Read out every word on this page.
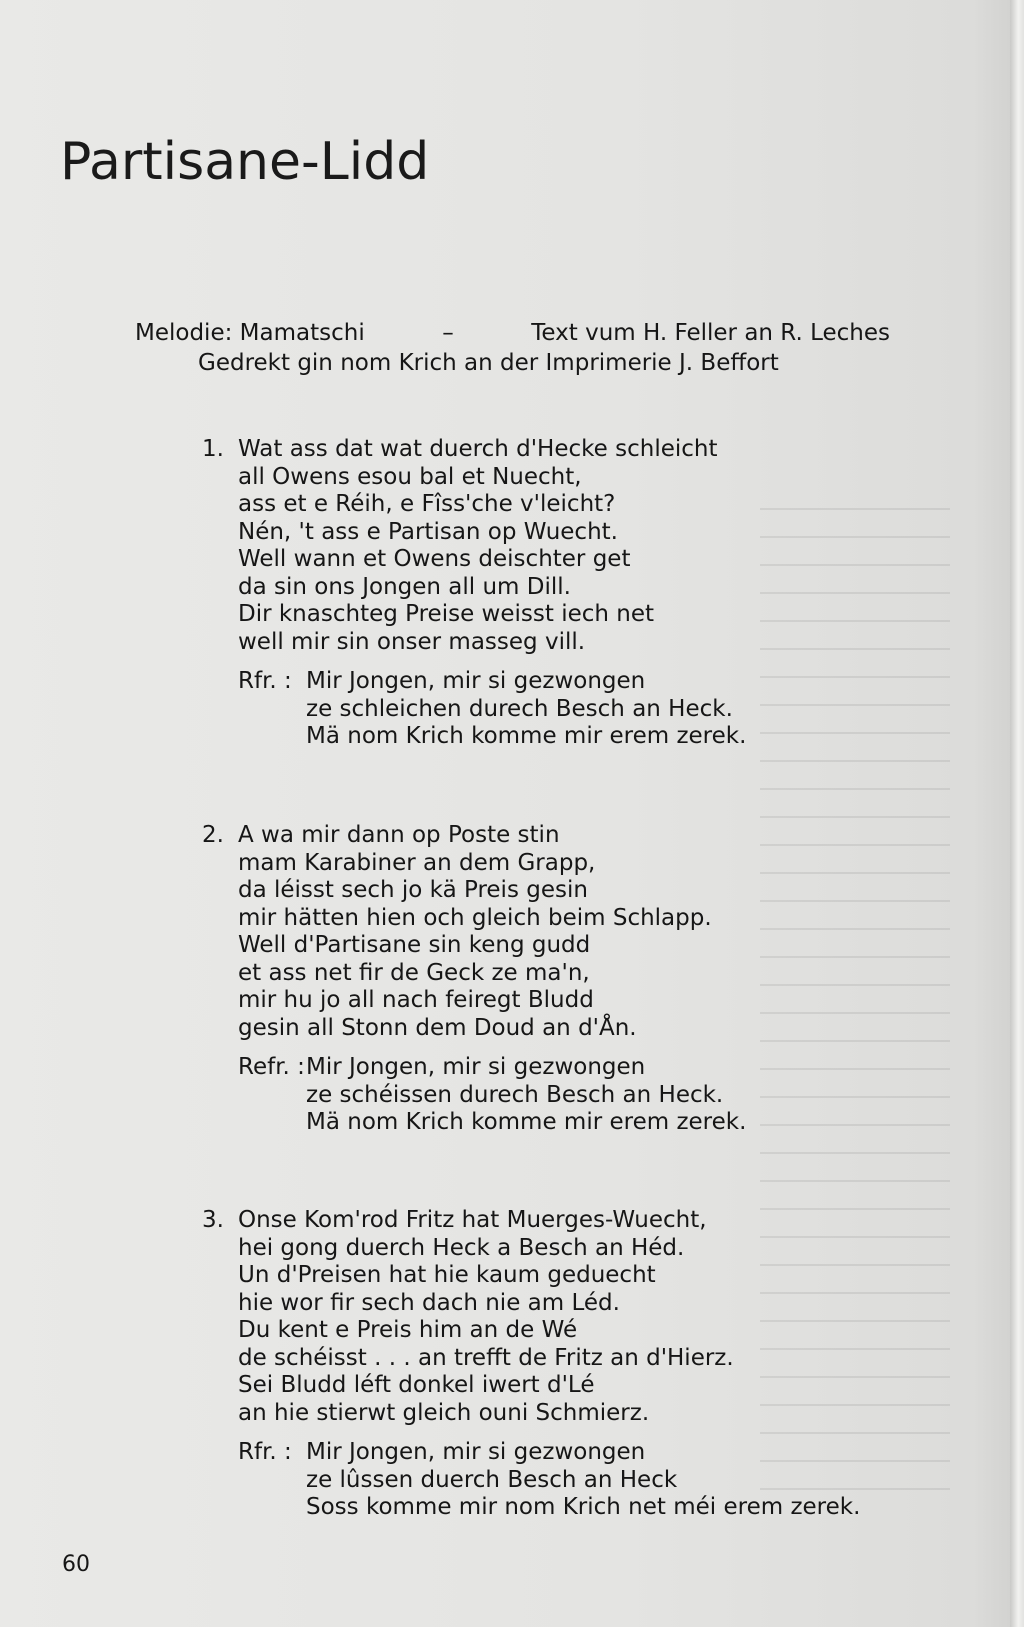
Partisane-Lidd
Melodie: Mamatschi	–	Text vum H. Feller an R. Leches
Gedrekt gin nom Krich an der Imprimerie J. Beffort
1. Wat ass dat wat duerch d'Hecke schleicht
all Owens esou bal et Nuecht,
ass et e Réih, e Fîss'che v'leicht?
Nén, 't ass e Partisan op Wuecht.
Well wann et Owens deischter get
da sin ons Jongen all um Dill.
Dir knaschteg Preise weisst iech net
well mir sin onser masseg vill.
Rfr. : Mir Jongen, mir si gezwongen
ze schleichen durech Besch an Heck.
Mä nom Krich komme mir erem zerek.
2. A wa mir dann op Poste stin
mam Karabiner an dem Grapp,
da léisst sech jo kä Preis gesin
mir hätten hien och gleich beim Schlapp.
Well d'Partisane sin keng gudd
et ass net fir de Geck ze ma'n,
mir hu jo all nach feiregt Bludd
gesin all Stonn dem Doud an d'Ån.
Refr. : Mir Jongen, mir si gezwongen
ze schéissen durech Besch an Heck.
Mä nom Krich komme mir erem zerek.
3. Onse Kom'rod Fritz hat Muerges-Wuecht,
hei gong duerch Heck a Besch an Héd.
Un d'Preisen hat hie kaum geduecht
hie wor fir sech dach nie am Léd.
Du kent e Preis him an de Wé
de schéisst . . . an trefft de Fritz an d'Hierz.
Sei Bludd léft donkel iwert d'Lé
an hie stierwt gleich ouni Schmierz.
Rfr. : Mir Jongen, mir si gezwongen
ze lûssen duerch Besch an Heck
Soss komme mir nom Krich net méi erem zerek.
60
